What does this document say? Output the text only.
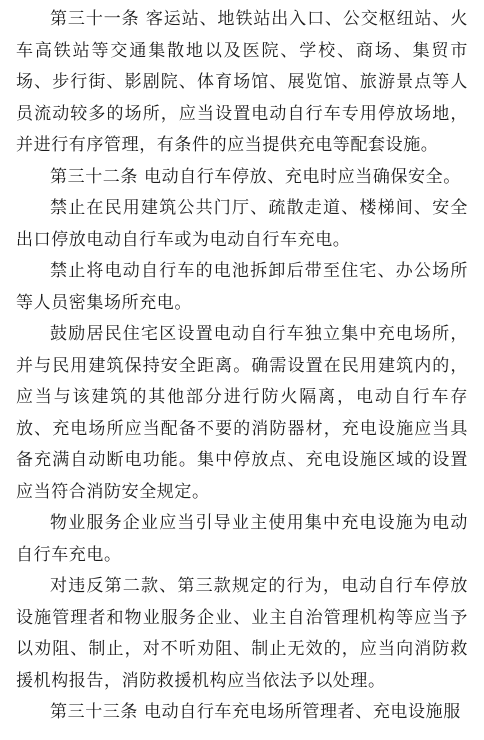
第三十一条 客运站、地铁站出入口、公交枢纽站、火车高铁站等交通集散地以及医院、学校、商场、集贸市场、步行街、影剧院、体育场馆、展览馆、旅游景点等人员流动较多的场所，应当设置电动自行车专用停放场地，并进行有序管理，有条件的应当提供充电等配套设施。

第三十二条 电动自行车停放、充电时应当确保安全。

禁止在民用建筑公共门厅、疏散走道、楼梯间、安全出口停放电动自行车或为电动自行车充电。

禁止将电动自行车的电池拆卸后带至住宅、办公场所等人员密集场所充电。

鼓励居民住宅区设置电动自行车独立集中充电场所，并与民用建筑保持安全距离。确需设置在民用建筑内的，应当与该建筑的其他部分进行防火隔离，电动自行车存放、充电场所应当配备不要的消防器材，充电设施应当具备充满自动断电功能。集中停放点、充电设施区域的设置应当符合消防安全规定。

物业服务企业应当引导业主使用集中充电设施为电动自行车充电。

对违反第二款、第三款规定的行为，电动自行车停放设施管理者和物业服务企业、业主自治管理机构等应当予以劝阻、制止，对不听劝阻、制止无效的，应当向消防救援机构报告，消防救援机构应当依法予以处理。

第三十三条 电动自行车充电场所管理者、充电设施服
